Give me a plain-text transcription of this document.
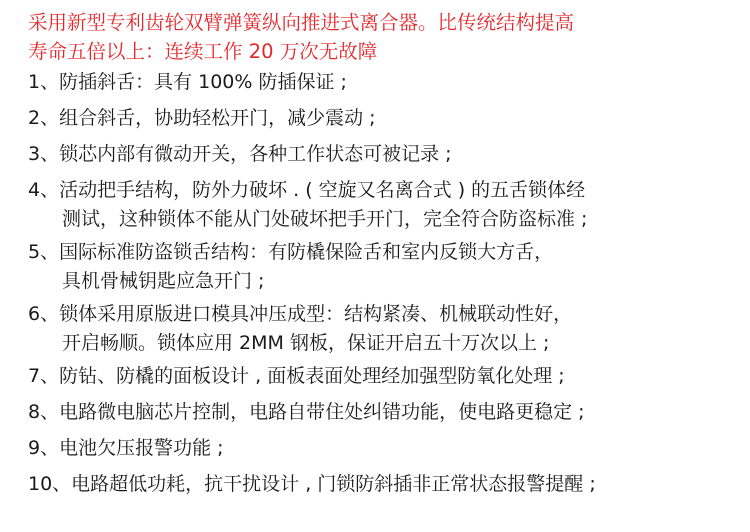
采用新型专利齿轮双臂弹簧纵向推进式离合器。比传统结构提高
寿命五倍以上：连续工作 20 万次无故障
1、防插斜舌：具有 100% 防插保证 ;
2、组合斜舌，协助轻松开门，减少震动 ;
3、锁芯内部有微动开关，各种工作状态可被记录 ;
4、活动把手结构，防外力破坏 . ( 空旋又名离合式 ) 的五舌锁体经
测试，这种锁体不能从门处破坏把手开门，完全符合防盗标准 ;
5、国际标准防盗锁舌结构：有防橇保险舌和室内反锁大方舌，
具机骨械钥匙应急开门 ;
6、锁体采用原版进口模具冲压成型：结构紧凑、机械联动性好，
开启畅顺。锁体应用 2MM 钢板，保证开启五十万次以上 ;
7、防钻、防橇的面板设计 , 面板表面处理经加强型防氧化处理 ;
8、电路微电脑芯片控制，电路自带住处纠错功能，使电路更稳定 ;
9、电池欠压报警功能 ;
10、电路超低功耗，抗干扰设计 , 门锁防斜插非正常状态报警提醒 ;
